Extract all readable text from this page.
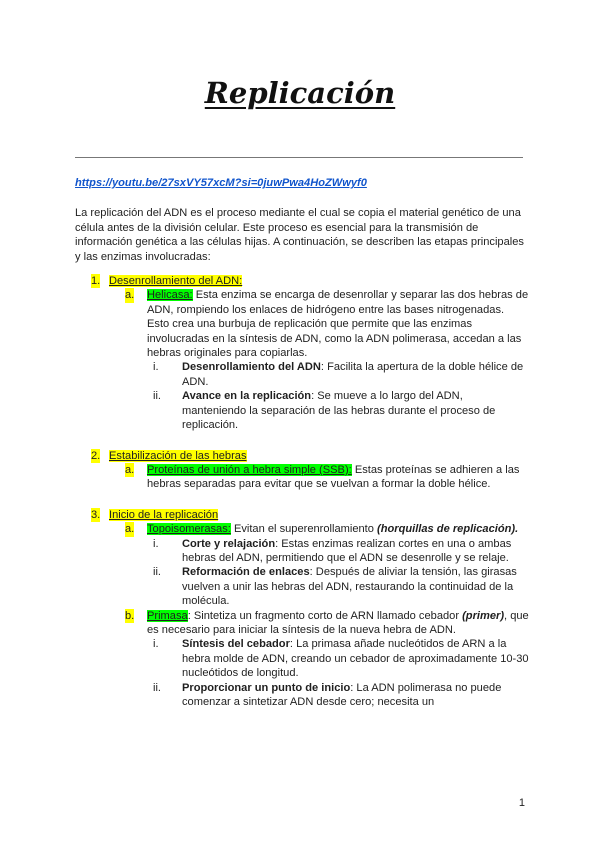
Replicación
https://youtu.be/27sxVY57xcM?si=0juwPwa4HoZWwyf0

La replicación del ADN es el proceso mediante el cual se copia el material genético de una célula antes de la división celular. Este proceso es esencial para la transmisión de información genética a las células hijas. A continuación, se describen las etapas principales y las enzimas involucradas:

1. Desenrollamiento del ADN:
a. Helicasa: Esta enzima se encarga de desenrollar y separar las dos hebras de ADN, rompiendo los enlaces de hidrógeno entre las bases nitrogenadas. Esto crea una burbuja de replicación que permite que las enzimas involucradas en la síntesis de ADN, como la ADN polimerasa, accedan a las hebras originales para copiarlas.
i.	Desenrollamiento del ADN: Facilita la apertura de la doble hélice de ADN.
ii.	Avance en la replicación: Se mueve a lo largo del ADN, manteniendo la separación de las hebras durante el proceso de replicación.
2. Estabilización de las hebras
a. Proteínas de unión a hebra simple (SSB): Estas proteínas se adhieren a las hebras separadas para evitar que se vuelvan a formar la doble hélice.
3. Inicio de la replicación
a. Topoisomerasas: Evitan el superenrollamiento (horquillas de replicación).
i.	Corte y relajación: Estas enzimas realizan cortes en una o ambas hebras del ADN, permitiendo que el ADN se desenrolle y se relaje.
ii.	Reformación de enlaces: Después de aliviar la tensión, las girasas vuelven a unir las hebras del ADN, restaurando la continuidad de la molécula.
b. Primasa: Sintetiza un fragmento corto de ARN llamado cebador (primer), que es necesario para iniciar la síntesis de la nueva hebra de ADN.
i.	Síntesis del cebador: La primasa añade nucleótidos de ARN a la hebra molde de ADN, creando un cebador de aproximadamente 10-30 nucleótidos de longitud.
ii.	Proporcionar un punto de inicio: La ADN polimerasa no puede comenzar a sintetizar ADN desde cero; necesita un
1
